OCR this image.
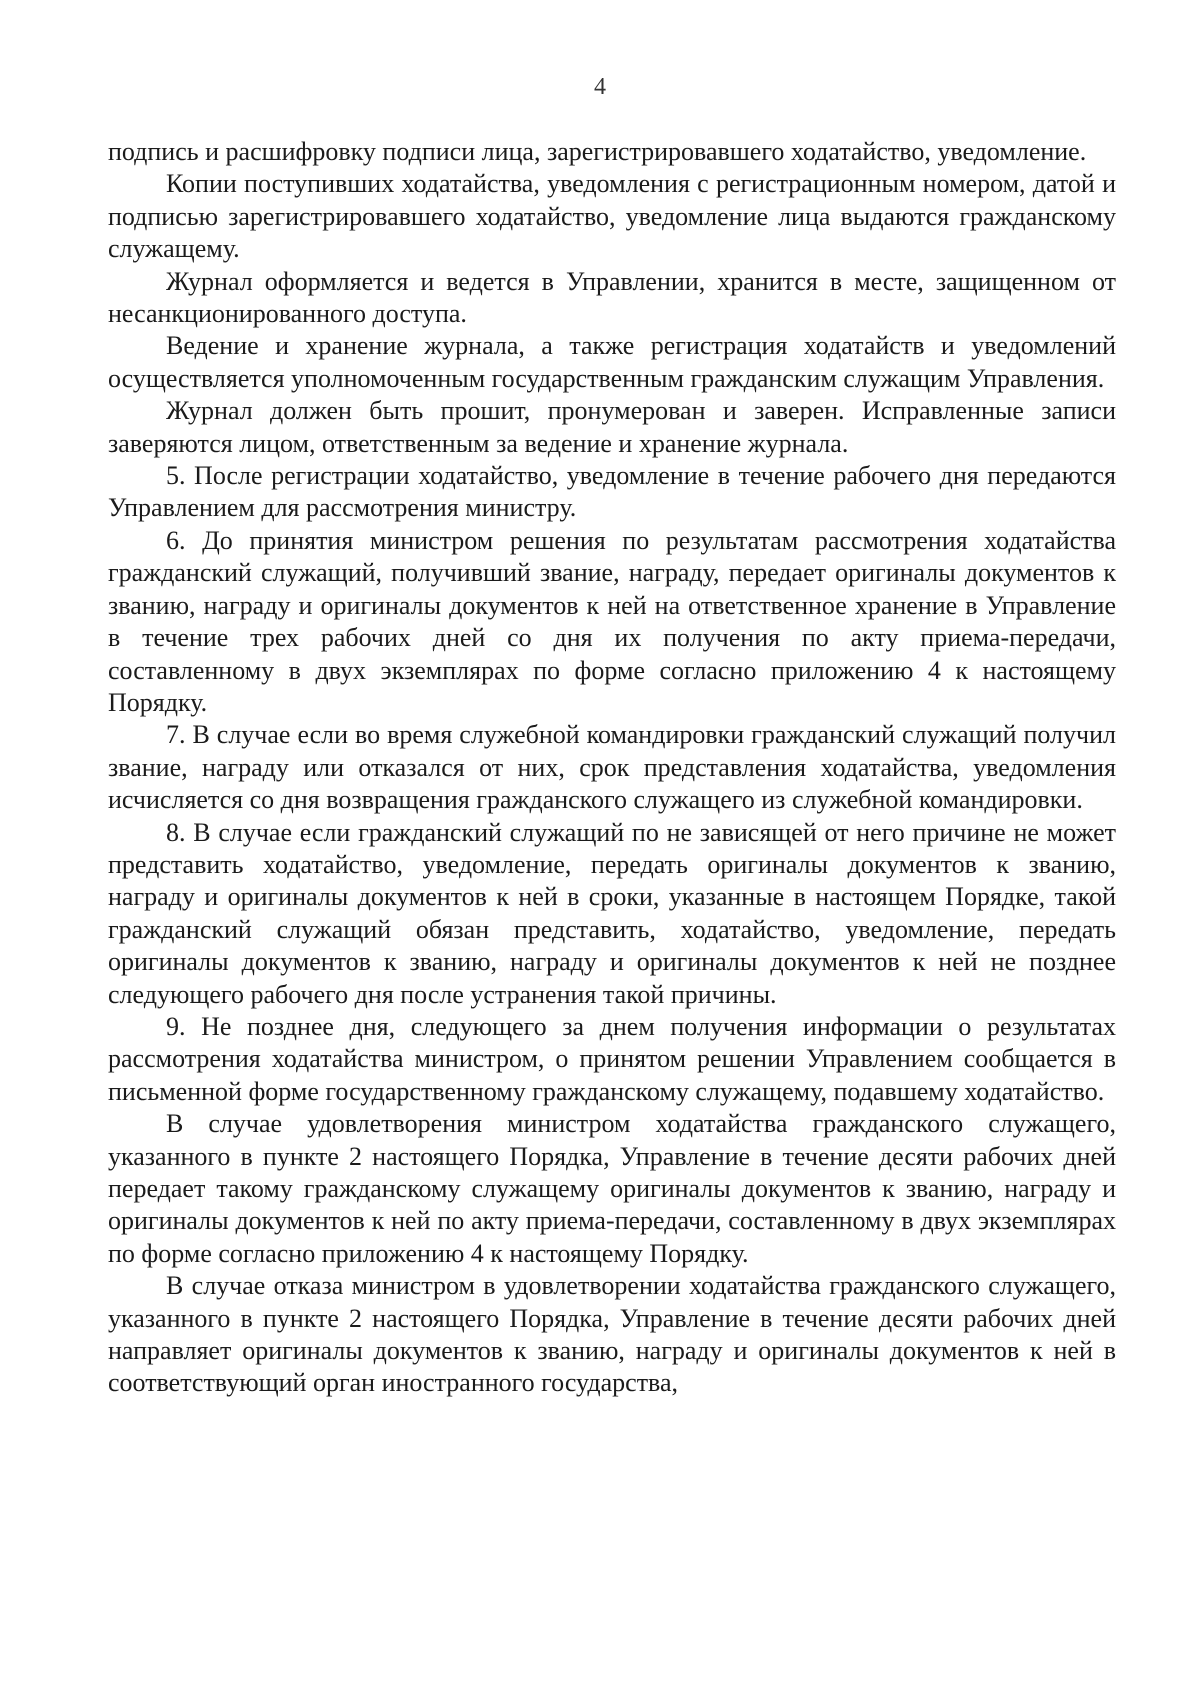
4

подпись и расшифровку подписи лица, зарегистрировавшего ходатайство, уведомление.

Копии поступивших ходатайства, уведомления с регистрационным номером, датой и подписью зарегистрировавшего ходатайство, уведомление лица выдаются гражданскому служащему.

Журнал оформляется и ведется в Управлении, хранится в месте, защищенном от несанкционированного доступа.

Ведение и хранение журнала, а также регистрация ходатайств и уведомлений осуществляется уполномоченным государственным гражданским служащим Управления.

Журнал должен быть прошит, пронумерован и заверен. Исправленные записи заверяются лицом, ответственным за ведение и хранение журнала.

5. После регистрации ходатайство, уведомление в течение рабочего дня передаются Управлением для рассмотрения министру.

6. До принятия министром решения по результатам рассмотрения ходатайства гражданский служащий, получивший звание, награду, передает оригиналы документов к званию, награду и оригиналы документов к ней на ответственное хранение в Управление в течение трех рабочих дней со дня их получения по акту приема-передачи, составленному в двух экземплярах по форме согласно приложению 4 к настоящему Порядку.

7. В случае если во время служебной командировки гражданский служащий получил звание, награду или отказался от них, срок представления ходатайства, уведомления исчисляется со дня возвращения гражданского служащего из служебной командировки.

8. В случае если гражданский служащий по не зависящей от него причине не может представить ходатайство, уведомление, передать оригиналы документов к званию, награду и оригиналы документов к ней в сроки, указанные в настоящем Порядке, такой гражданский служащий обязан представить, ходатайство, уведомление, передать оригиналы документов к званию, награду и оригиналы документов к ней не позднее следующего рабочего дня после устранения такой причины.

9. Не позднее дня, следующего за днем получения информации о результатах рассмотрения ходатайства министром, о принятом решении Управлением сообщается в письменной форме государственному гражданскому служащему, подавшему ходатайство.

В случае удовлетворения министром ходатайства гражданского служащего, указанного в пункте 2 настоящего Порядка, Управление в течение десяти рабочих дней передает такому гражданскому служащему оригиналы документов к званию, награду и оригиналы документов к ней по акту приема-передачи, составленному в двух экземплярах по форме согласно приложению 4 к настоящему Порядку.

В случае отказа министром в удовлетворении ходатайства гражданского служащего, указанного в пункте 2 настоящего Порядка, Управление в течение десяти рабочих дней направляет оригиналы документов к званию, награду и оригиналы документов к ней в соответствующий орган иностранного государства,
